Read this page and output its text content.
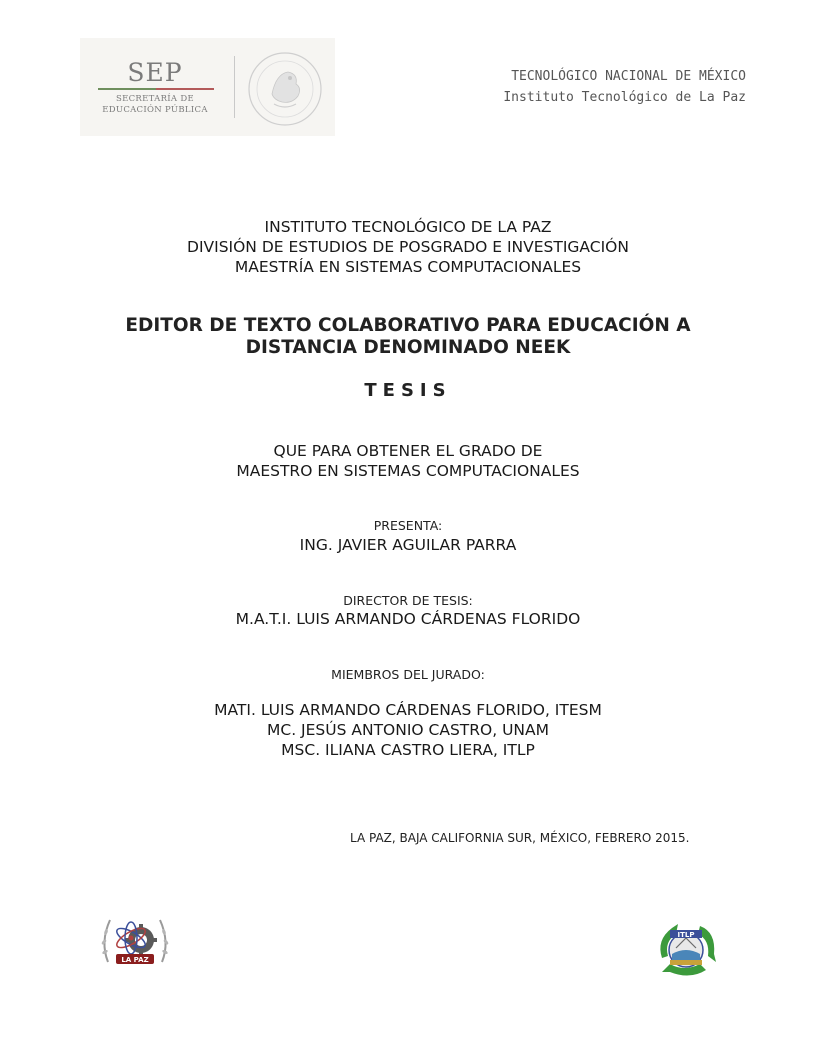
SEP
SECRETARÍA DE
EDUCACIÓN PÚBLICA
TECNOLÓGICO NACIONAL DE MÉXICO
Instituto Tecnológico de La Paz
INSTITUTO TECNOLÓGICO DE LA PAZ
DIVISIÓN DE ESTUDIOS DE POSGRADO E INVESTIGACIÓN
MAESTRÍA EN SISTEMAS COMPUTACIONALES
EDITOR DE TEXTO COLABORATIVO PARA EDUCACIÓN A
DISTANCIA DENOMINADO NEEK
TESIS
QUE PARA OBTENER EL GRADO DE
MAESTRO EN SISTEMAS COMPUTACIONALES
PRESENTA:
ING. JAVIER AGUILAR PARRA
DIRECTOR DE TESIS:
M.A.T.I. LUIS ARMANDO CÁRDENAS FLORIDO
MIEMBROS DEL JURADO:
MATI. LUIS ARMANDO CÁRDENAS FLORIDO, ITESM
MC. JESÚS ANTONIO CASTRO, UNAM
MSC. ILIANA CASTRO LIERA, ITLP
LA PAZ, BAJA CALIFORNIA SUR, MÉXICO, FEBRERO 2015.
LA PAZ
ITLP
